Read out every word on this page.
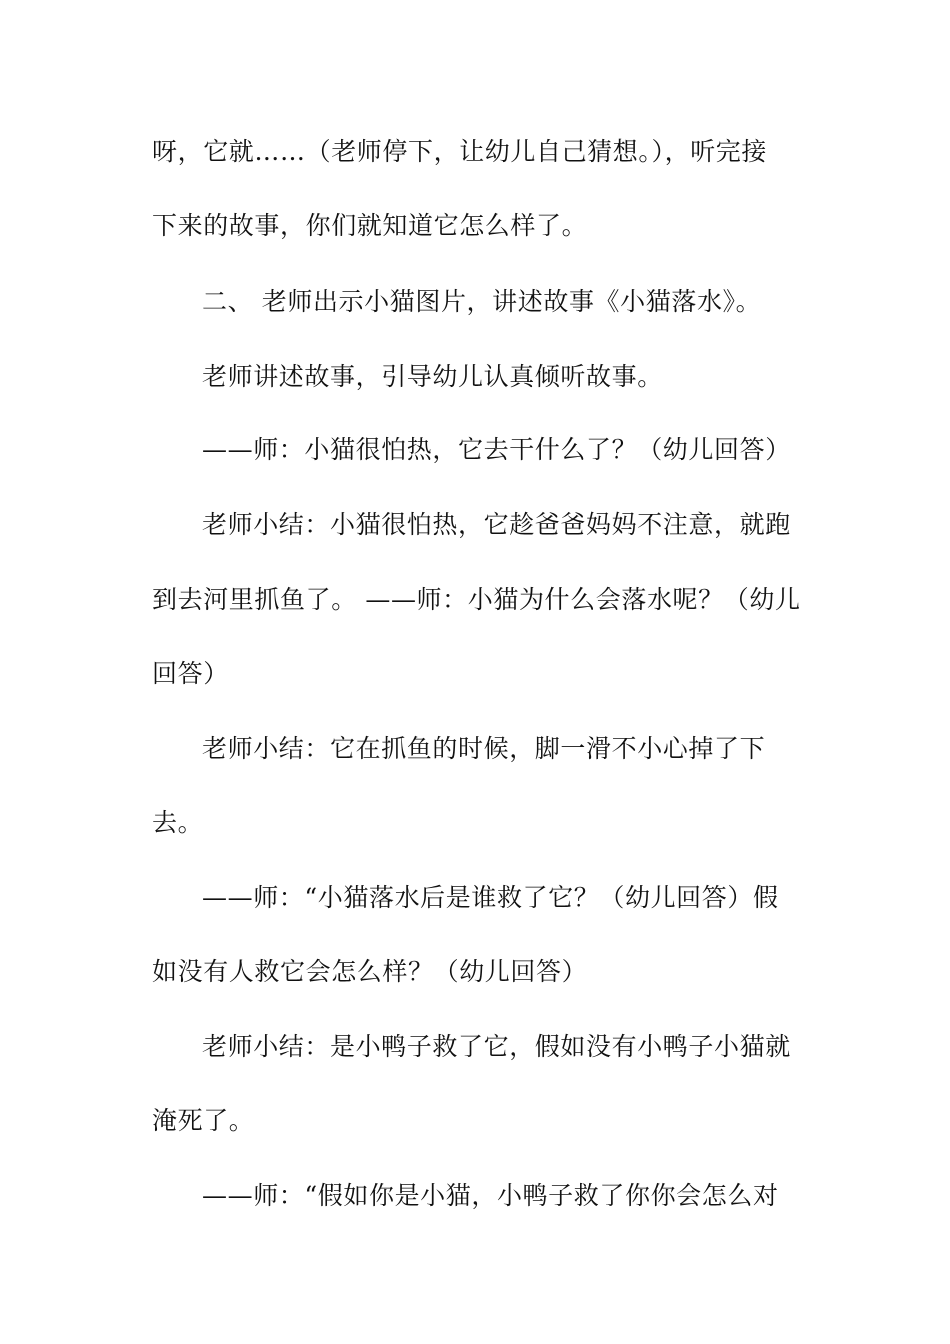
呀，它就……（老师停下，让幼儿自己猜想。），听完接
下来的故事，你们就知道它怎么样了。
二、 老师出示小猫图片，讲述故事《小猫落水》。
老师讲述故事，引导幼儿认真倾听故事。
——师：小猫很怕热，它去干什么了？（幼儿回答）
老师小结：小猫很怕热，它趁爸爸妈妈不注意，就跑
到去河里抓鱼了。 ——师：小猫为什么会落水呢？（幼儿
回答）
老师小结：它在抓鱼的时候，脚一滑不小心掉了下
去。
——师：“小猫落水后是谁救了它？（幼儿回答）假
如没有人救它会怎么样？（幼儿回答）
老师小结：是小鸭子救了它，假如没有小鸭子小猫就
淹死了。
——师：“假如你是小猫，小鸭子救了你你会怎么对
